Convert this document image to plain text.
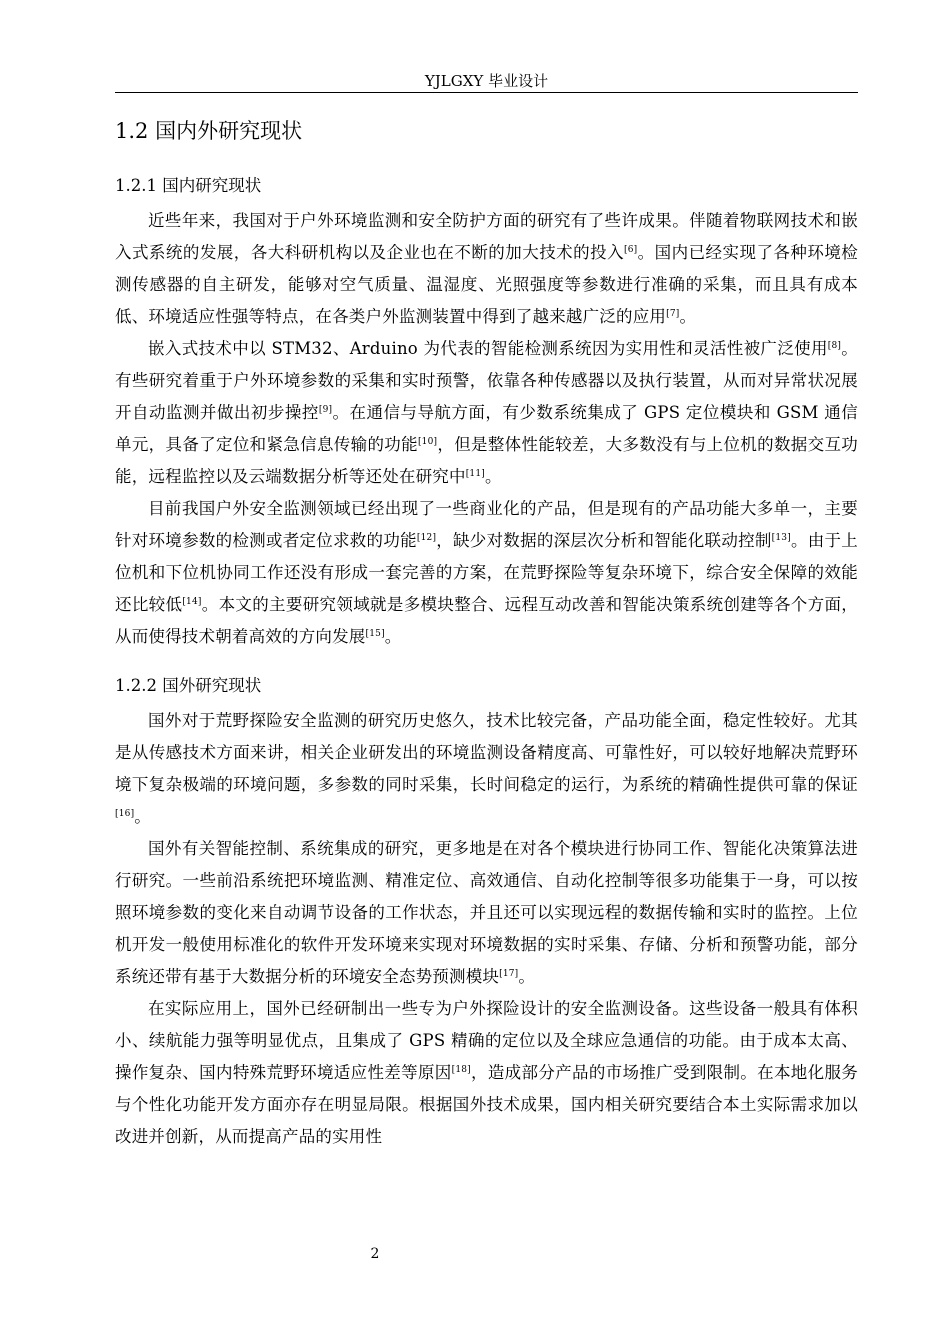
YJLGXY 毕业设计
1.2 国内外研究现状
1.2.1 国内研究现状

近些年来，我国对于户外环境监测和安全防护方面的研究有了些许成果。伴随着物联网技术和嵌入式系统的发展，各大科研机构以及企业也在不断的加大技术的投入[6]。国内已经实现了各种环境检测传感器的自主研发，能够对空气质量、温湿度、光照强度等参数进行准确的采集，而且具有成本低、环境适应性强等特点，在各类户外监测装置中得到了越来越广泛的应用[7]。

嵌入式技术中以 STM32、Arduino 为代表的智能检测系统因为实用性和灵活性被广泛使用[8]。有些研究着重于户外环境参数的采集和实时预警，依靠各种传感器以及执行装置，从而对异常状况展开自动监测并做出初步操控[9]。在通信与导航方面，有少数系统集成了 GPS 定位模块和 GSM 通信单元，具备了定位和紧急信息传输的功能[10]，但是整体性能较差，大多数没有与上位机的数据交互功能，远程监控以及云端数据分析等还处在研究中[11]。

目前我国户外安全监测领域已经出现了一些商业化的产品，但是现有的产品功能大多单一，主要针对环境参数的检测或者定位求救的功能[12]，缺少对数据的深层次分析和智能化联动控制[13]。由于上位机和下位机协同工作还没有形成一套完善的方案，在荒野探险等复杂环境下，综合安全保障的效能还比较低[14]。本文的主要研究领域就是多模块整合、远程互动改善和智能决策系统创建等各个方面，从而使得技术朝着高效的方向发展[15]。

1.2.2 国外研究现状

国外对于荒野探险安全监测的研究历史悠久，技术比较完备，产品功能全面，稳定性较好。尤其是从传感技术方面来讲，相关企业研发出的环境监测设备精度高、可靠性好，可以较好地解决荒野环境下复杂极端的环境问题，多参数的同时采集，长时间稳定的运行，为系统的精确性提供可靠的保证[16]。

国外有关智能控制、系统集成的研究，更多地是在对各个模块进行协同工作、智能化决策算法进行研究。一些前沿系统把环境监测、精准定位、高效通信、自动化控制等很多功能集于一身，可以按照环境参数的变化来自动调节设备的工作状态，并且还可以实现远程的数据传输和实时的监控。上位机开发一般使用标准化的软件开发环境来实现对环境数据的实时采集、存储、分析和预警功能，部分系统还带有基于大数据分析的环境安全态势预测模块[17]。

在实际应用上，国外已经研制出一些专为户外探险设计的安全监测设备。这些设备一般具有体积小、续航能力强等明显优点，且集成了 GPS 精确的定位以及全球应急通信的功能。由于成本太高、操作复杂、国内特殊荒野环境适应性差等原因[18]，造成部分产品的市场推广受到限制。在本地化服务与个性化功能开发方面亦存在明显局限。根据国外技术成果，国内相关研究要结合本土实际需求加以改进并创新，从而提高产品的实用性

2
